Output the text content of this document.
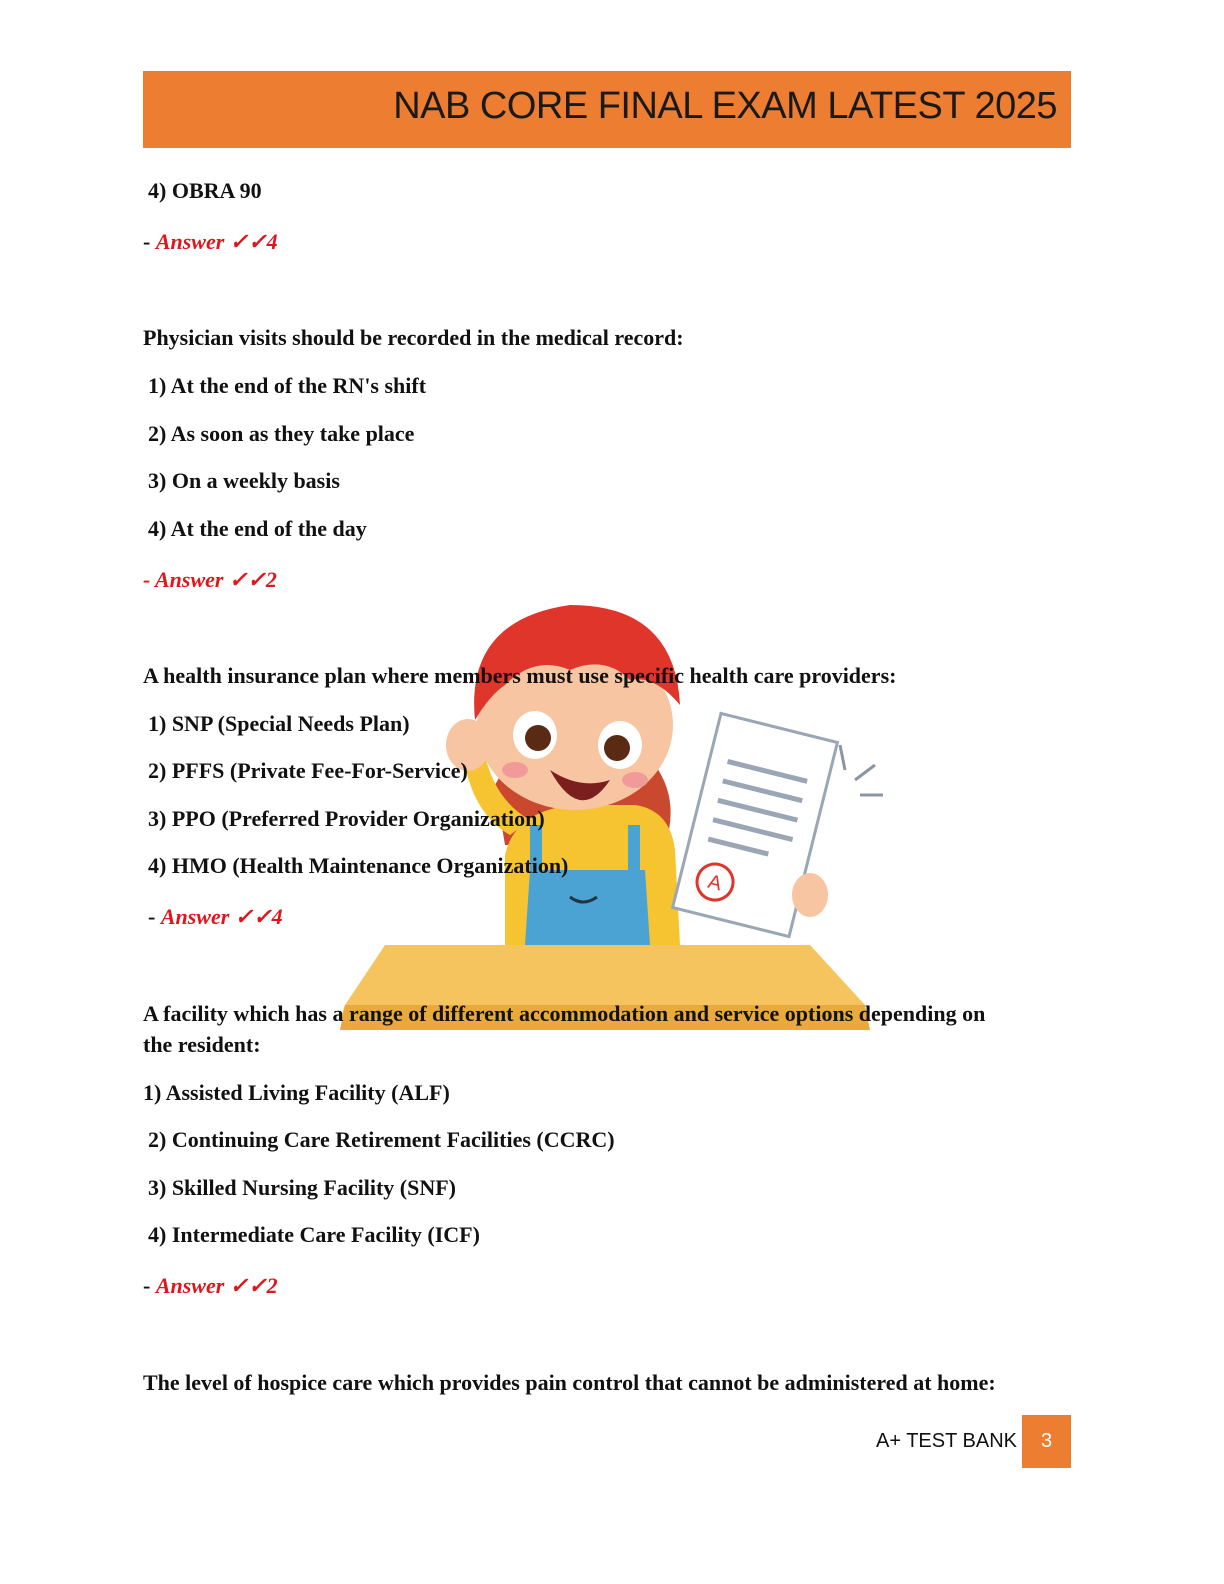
NAB CORE FINAL EXAM LATEST 2025
A
4) OBRA 90
- Answer ✓✓4
Physician visits should be recorded in the medical record:
1) At the end of the RN's shift
2) As soon as they take place
3) On a weekly basis
4) At the end of the day
- Answer ✓✓2
A health insurance plan where members must use specific health care providers:
1) SNP (Special Needs Plan)
2) PFFS (Private Fee-For-Service)
3) PPO (Preferred Provider Organization)
4) HMO (Health Maintenance Organization)
- Answer ✓✓4
A facility which has a range of different accommodation and service options depending on
the resident:
1) Assisted Living Facility (ALF)
2) Continuing Care Retirement Facilities (CCRC)
3) Skilled Nursing Facility (SNF)
4) Intermediate Care Facility (ICF)
- Answer ✓✓2
The level of hospice care which provides pain control that cannot be administered at home:
A+ TEST BANK	3
